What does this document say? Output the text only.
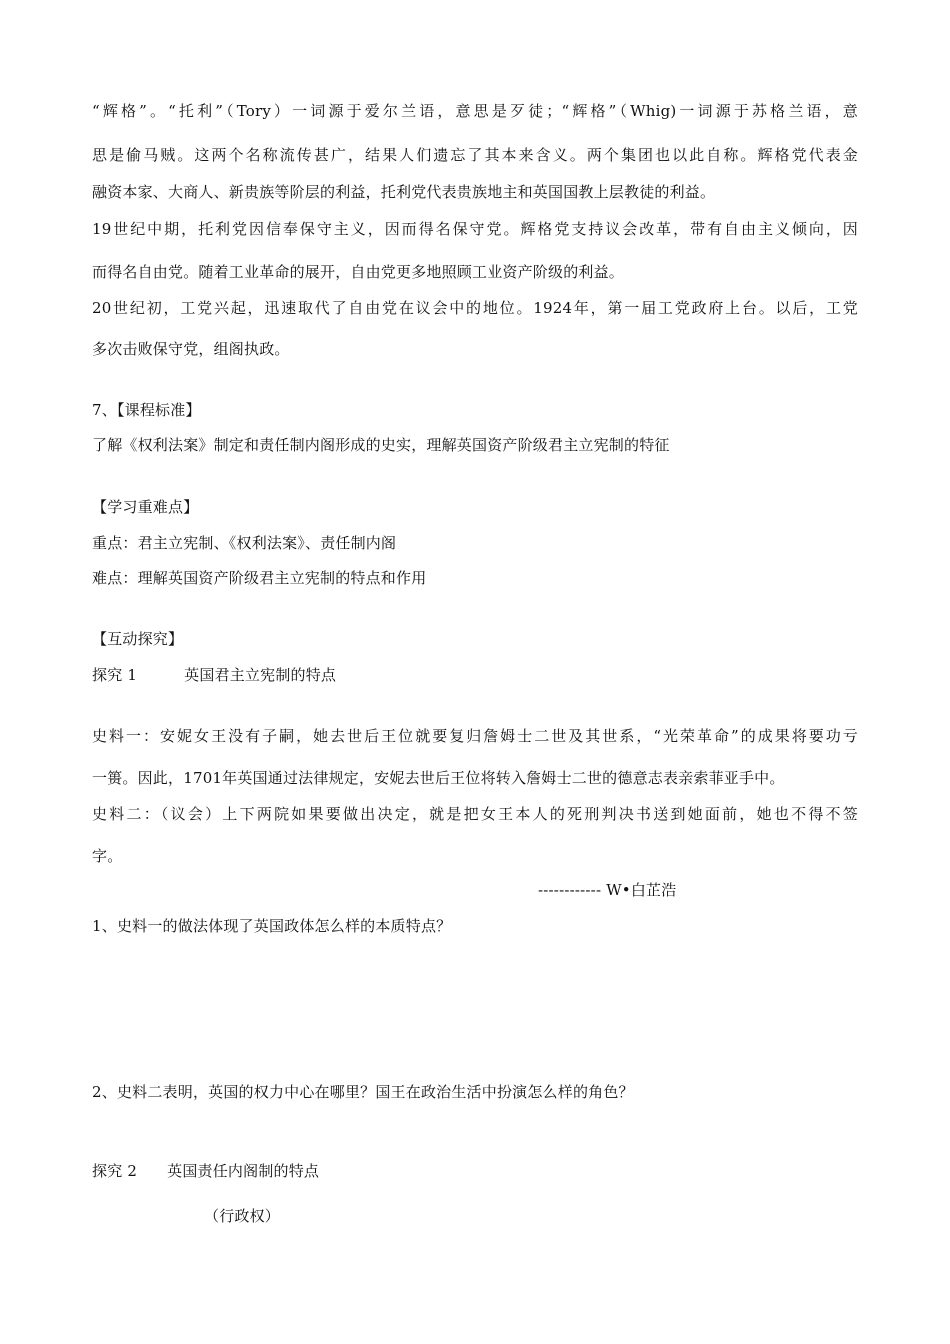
“辉格”。“托利”（Tory）一词源于爱尔兰语，意思是歹徒；“辉格”（Whig)一词源于苏格兰语，意
思是偷马贼。这两个名称流传甚广，结果人们遗忘了其本来含义。两个集团也以此自称。辉格党代表金
融资本家、大商人、新贵族等阶层的利益，托利党代表贵族地主和英国国教上层教徒的利益。
19世纪中期，托利党因信奉保守主义，因而得名保守党。辉格党支持议会改革，带有自由主义倾向，因
而得名自由党。随着工业革命的展开，自由党更多地照顾工业资产阶级的利益。
20世纪初，工党兴起，迅速取代了自由党在议会中的地位。1924年，第一届工党政府上台。以后，工党
多次击败保守党，组阁执政。
7、【课程标准】
了解《权利法案》制定和责任制内阁形成的史实，理解英国资产阶级君主立宪制的特征
【学习重难点】
重点：君主立宪制、《权利法案》、责任制内阁
难点：理解英国资产阶级君主立宪制的特点和作用
【互动探究】
探究 1	英国君主立宪制的特点
史料一：安妮女王没有子嗣，她去世后王位就要复归詹姆士二世及其世系，“光荣革命”的成果将要功亏
一篑。因此，1701年英国通过法律规定，安妮去世后王位将转入詹姆士二世的德意志表亲索菲亚手中。
史料二：（议会）上下两院如果要做出决定，就是把女王本人的死刑判决书送到她面前，她也不得不签
字。
------------ W•白芷浩
1、史料一的做法体现了英国政体怎么样的本质特点？
2、史料二表明，英国的权力中心在哪里？国王在政治生活中扮演怎么样的角色？
探究 2 英国责任内阁制的特点
（行政权）
